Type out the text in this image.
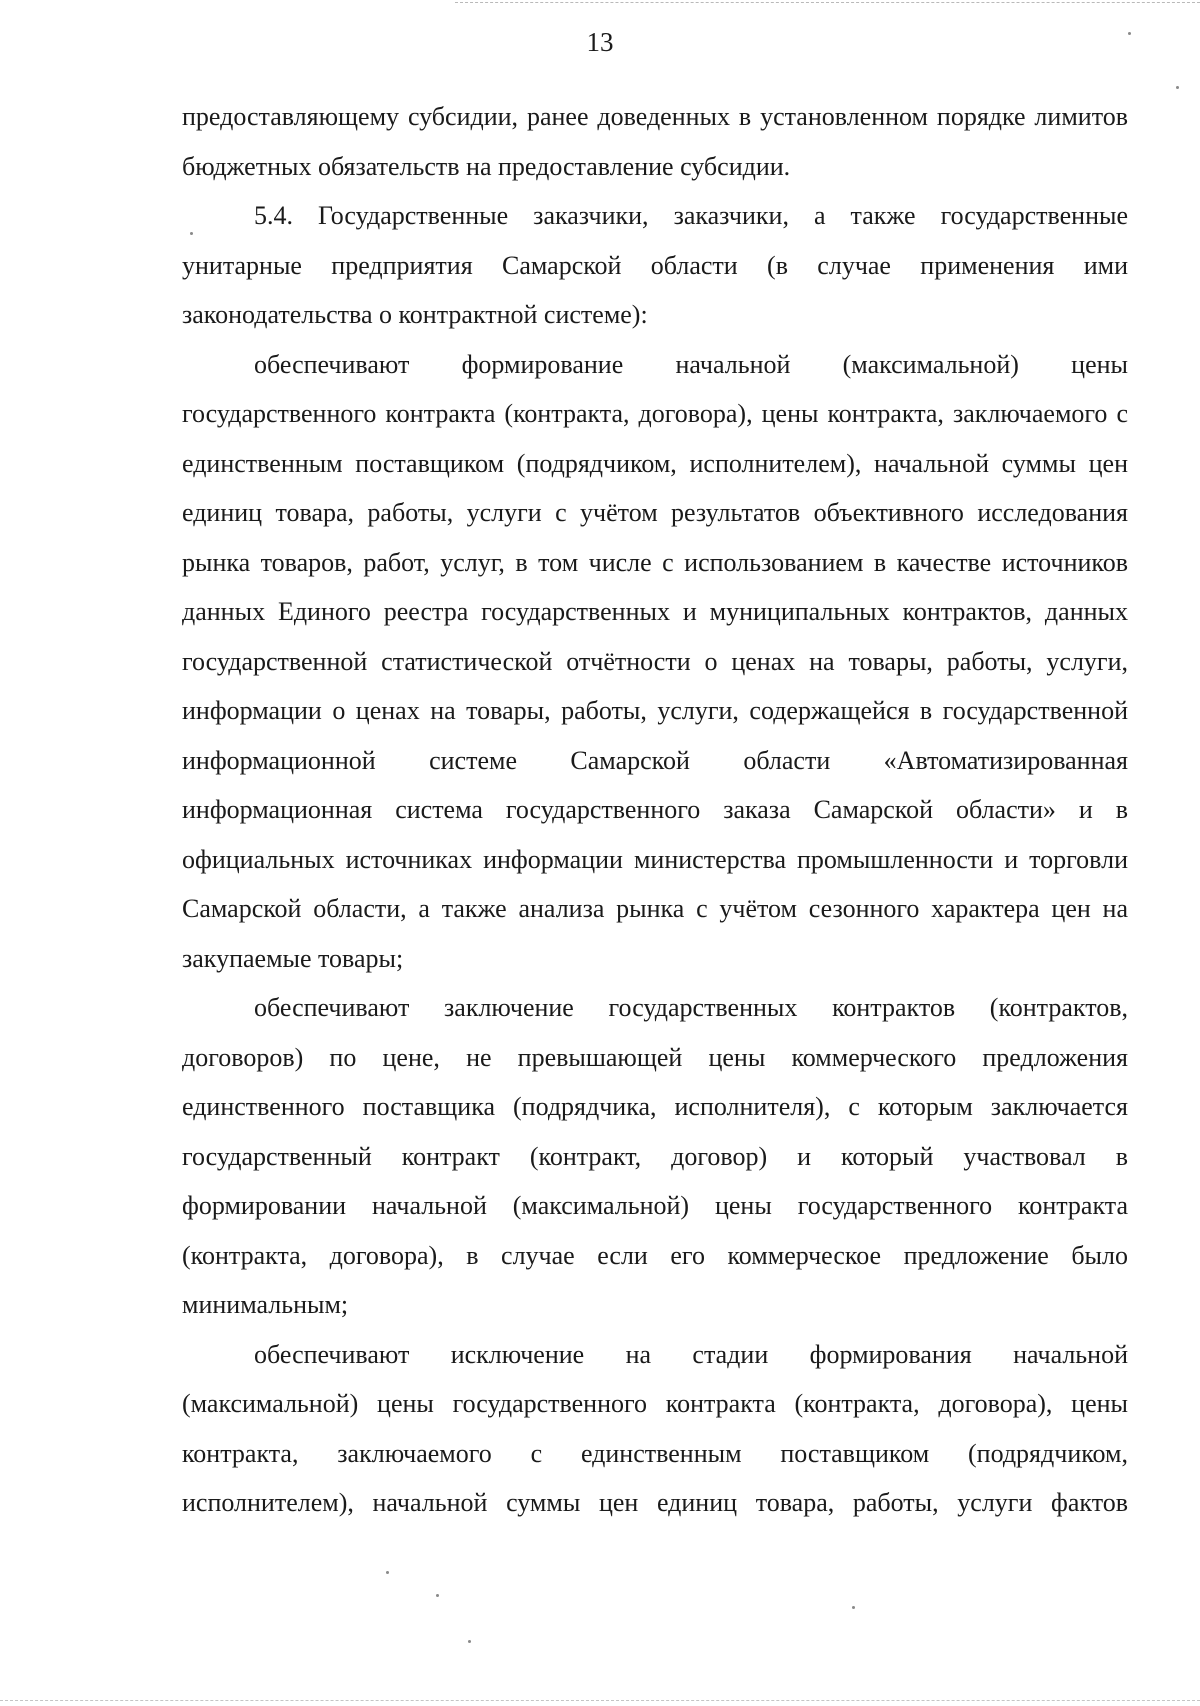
13

предоставляющему субсидии, ранее доведенных в установленном порядке лимитов бюджетных обязательств на предоставление субсидии.

5.4. Государственные заказчики, заказчики, а также государственные унитарные предприятия Самарской области (в случае применения ими законодательства о контрактной системе):

обеспечивают формирование начальной (максимальной) цены государственного контракта (контракта, договора), цены контракта, заключаемого с единственным поставщиком (подрядчиком, исполнителем), начальной суммы цен единиц товара, работы, услуги с учётом результатов объективного исследования рынка товаров, работ, услуг, в том числе с использованием в качестве источников данных Единого реестра государственных и муниципальных контрактов, данных государственной статистической отчётности о ценах на товары, работы, услуги, информации о ценах на товары, работы, услуги, содержащейся в государственной информационной системе Самарской области «Автоматизированная информационная система государственного заказа Самарской области» и в официальных источниках информации министерства промышленности и торговли Самарской области, а также анализа рынка с учётом сезонного характера цен на закупаемые товары;

обеспечивают заключение государственных контрактов (контрактов, договоров) по цене, не превышающей цены коммерческого предложения единственного поставщика (подрядчика, исполнителя), с которым заключается государственный контракт (контракт, договор) и который участвовал в формировании начальной (максимальной) цены государственного контракта (контракта, договора), в случае если его коммерческое предложение было минимальным;

обеспечивают исключение на стадии формирования начальной (максимальной) цены государственного контракта (контракта, договора), цены контракта, заключаемого с единственным поставщиком (подрядчиком, исполнителем), начальной суммы цен единиц товара, работы, услуги фактов
